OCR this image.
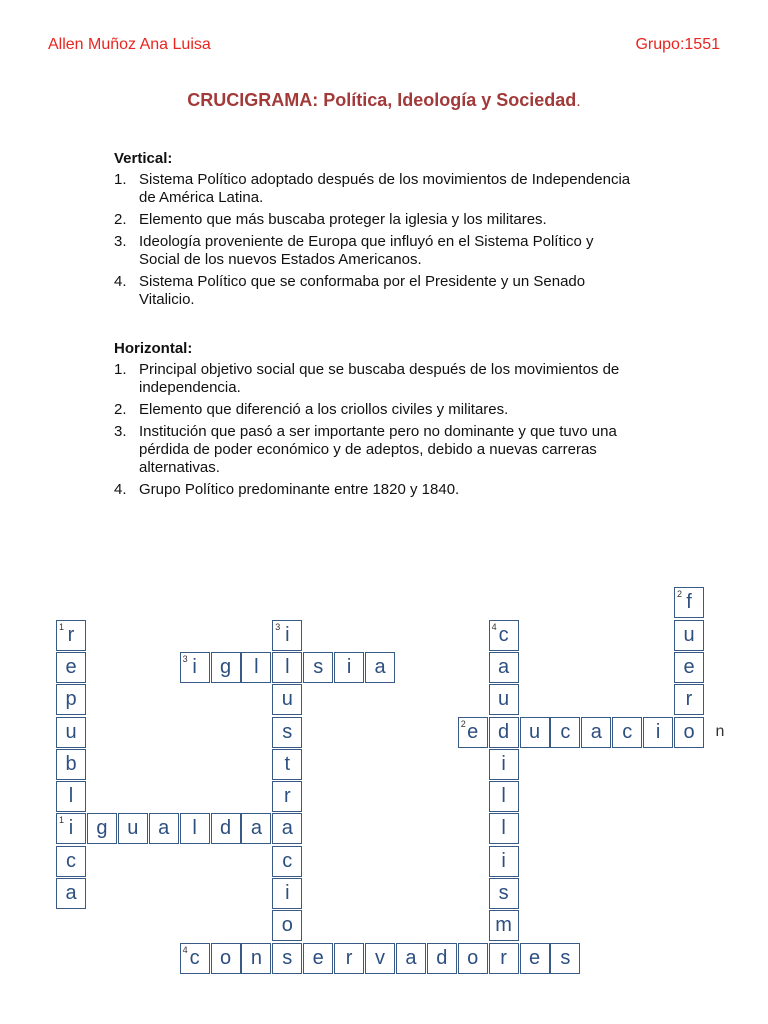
Allen Muñoz Ana Luisa	Grupo:1551
CRUCIGRAMA: Política, Ideología y Sociedad.
Vertical:
1. Sistema Político adoptado después de los movimientos de Independencia de América Latina.
2. Elemento que más buscaba proteger la iglesia y los militares.
3. Ideología proveniente de Europa que influyó en el Sistema Político y Social de los nuevos Estados Americanos.
4. Sistema Político que se conformaba por el Presidente y un Senado Vitalicio.
Horizontal:
1. Principal objetivo social que se buscaba después de los movimientos de independencia.
2. Elemento que diferenció a los criollos civiles y militares.
3. Institución que pasó a ser importante pero no dominante y que tuvo una pérdida de poder económico y de adeptos, debido a nuevas carreras alternativas.
4. Grupo Político predominante entre 1820 y 1840.
r
1
e
p
u
b
l
i
1
c
a
f
2
u
e
r
o
i
3
l
u
s
t
r
a
c
i
o
c
4
a
u
d
i
l
l
i
s
m
g u a	l	d a
e
2	u	c	a	c	i	n
i
3	g	l	s	i	a
c
4	o n	s	e	r	v	a d o	r	e	s
